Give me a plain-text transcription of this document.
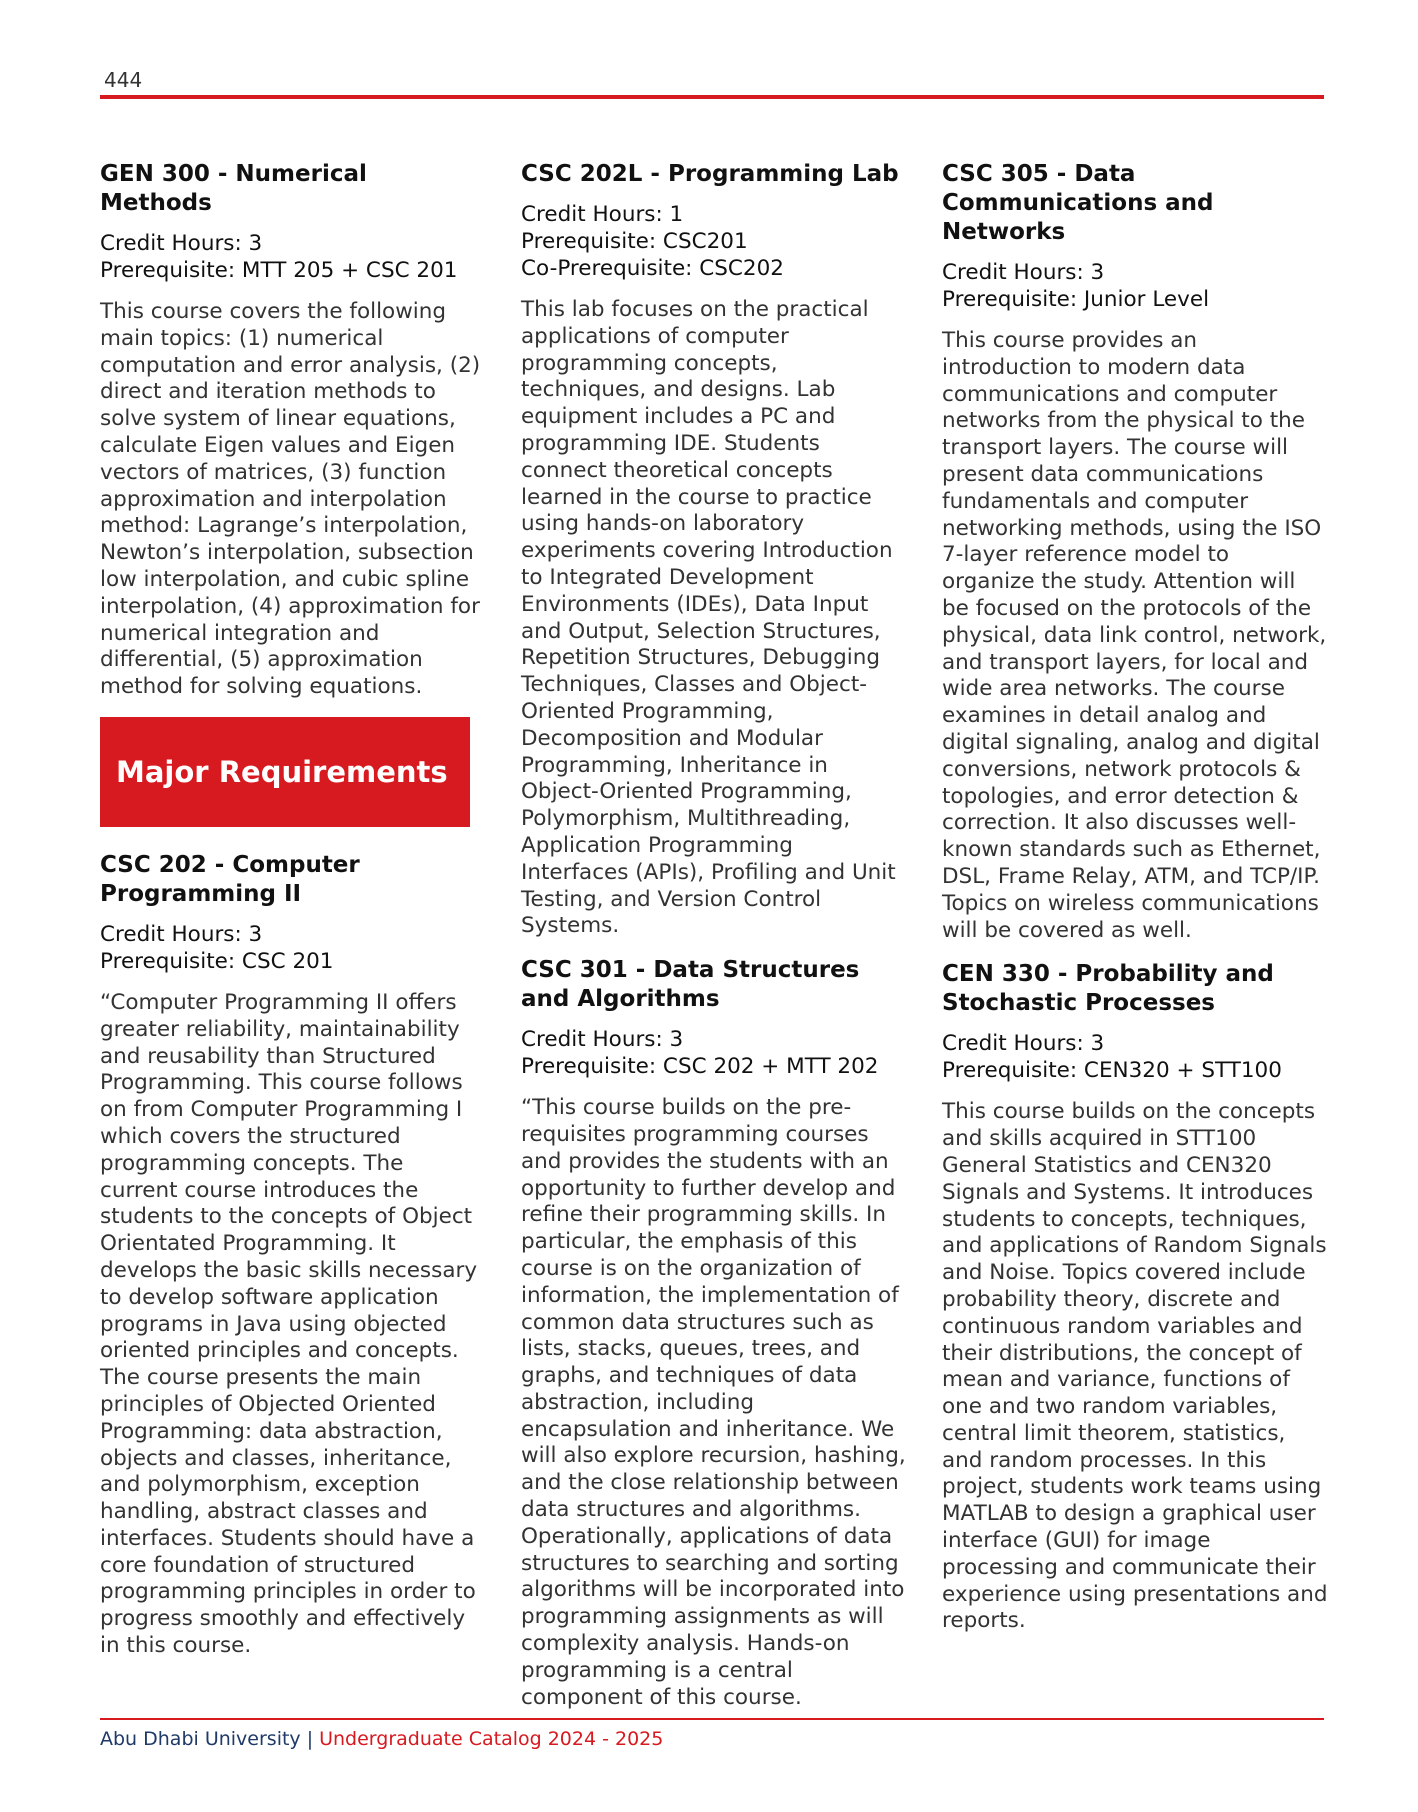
444
GEN 300 - Numerical Methods
Credit Hours: 3
Prerequisite: MTT 205 + CSC 201
This course covers the following main topics: (1) numerical computation and error analysis, (2) direct and iteration methods to solve system of linear equations, calculate Eigen values and Eigen vectors of matrices, (3) function approximation and interpolation method: Lagrange’s interpolation, Newton’s interpolation, subsection low interpolation, and cubic spline interpolation, (4) approximation for numerical integration and differential, (5) approximation method for solving equations.
Major Requirements
CSC 202 - Computer Programming II
Credit Hours: 3
Prerequisite: CSC 201

“Computer Programming II offers greater reliability, maintainability and reusability than Structured Programming. This course follows on from Computer Programming I which covers the structured programming concepts. The current course introduces the students to the concepts of Object Orientated Programming. It develops the basic skills necessary to develop software application programs in Java using objected oriented principles and concepts.

The course presents the main principles of Objected Oriented Programming: data abstraction, objects and classes, inheritance, and polymorphism, exception handling, abstract classes and interfaces. Students should have a core foundation of structured programming principles in order to progress smoothly and effectively in this course.

CSC 202L - Programming Lab
Credit Hours: 1
Prerequisite: CSC201
Co-Prerequisite: CSC202
This lab focuses on the practical applications of computer programming concepts, techniques, and designs. Lab equipment includes a PC and programming IDE. Students connect theoretical concepts learned in the course to practice using hands-on laboratory experiments covering Introduction to Integrated Development Environments (IDEs), Data Input and Output, Selection Structures, Repetition Structures, Debugging Techniques, Classes and Object-Oriented Programming, Decomposition and Modular Programming, Inheritance in Object-Oriented Programming, Polymorphism, Multithreading, Application Programming Interfaces (APIs), Profiling and Unit Testing, and Version Control Systems.
CSC 301 - Data Structures and Algorithms
Credit Hours: 3
Prerequisite: CSC 202 + MTT 202
“This course builds on the pre-requisites programming courses and provides the students with an opportunity to further develop and refine their programming skills. In particular, the emphasis of this course is on the organization of information, the implementation of common data structures such as lists, stacks, queues, trees, and graphs, and techniques of data abstraction, including encapsulation and inheritance. We will also explore recursion, hashing, and the close relationship between data structures and algorithms. Operationally, applications of data structures to searching and sorting algorithms will be incorporated into programming assignments as will complexity analysis. Hands-on programming is a central component of this course.
CSC 305 - Data Communications and Networks
Credit Hours: 3
Prerequisite: Junior Level
This course provides an introduction to modern data communications and computer networks from the physical to the transport layers. The course will present data communications fundamentals and computer networking methods, using the ISO 7-layer reference model to organize the study. Attention will be focused on the protocols of the physical, data link control, network, and transport layers, for local and wide area networks. The course examines in detail analog and digital signaling, analog and digital conversions, network protocols & topologies, and error detection & correction. It also discusses well-known standards such as Ethernet, DSL, Frame Relay, ATM, and TCP/IP. Topics on wireless communications will be covered as well.
CEN 330 - Probability and Stochastic Processes
Credit Hours: 3
Prerequisite: CEN320 + STT100
This course builds on the concepts and skills acquired in STT100 General Statistics and CEN320 Signals and Systems. It introduces students to concepts, techniques, and applications of Random Signals and Noise. Topics covered include probability theory, discrete and continuous random variables and their distributions, the concept of mean and variance, functions of one and two random variables, central limit theorem, statistics, and random processes. In this project, students work teams using MATLAB to design a graphical user interface (GUI) for image processing and communicate their experience using presentations and reports.
Abu Dhabi University | Undergraduate Catalog 2024 - 2025
